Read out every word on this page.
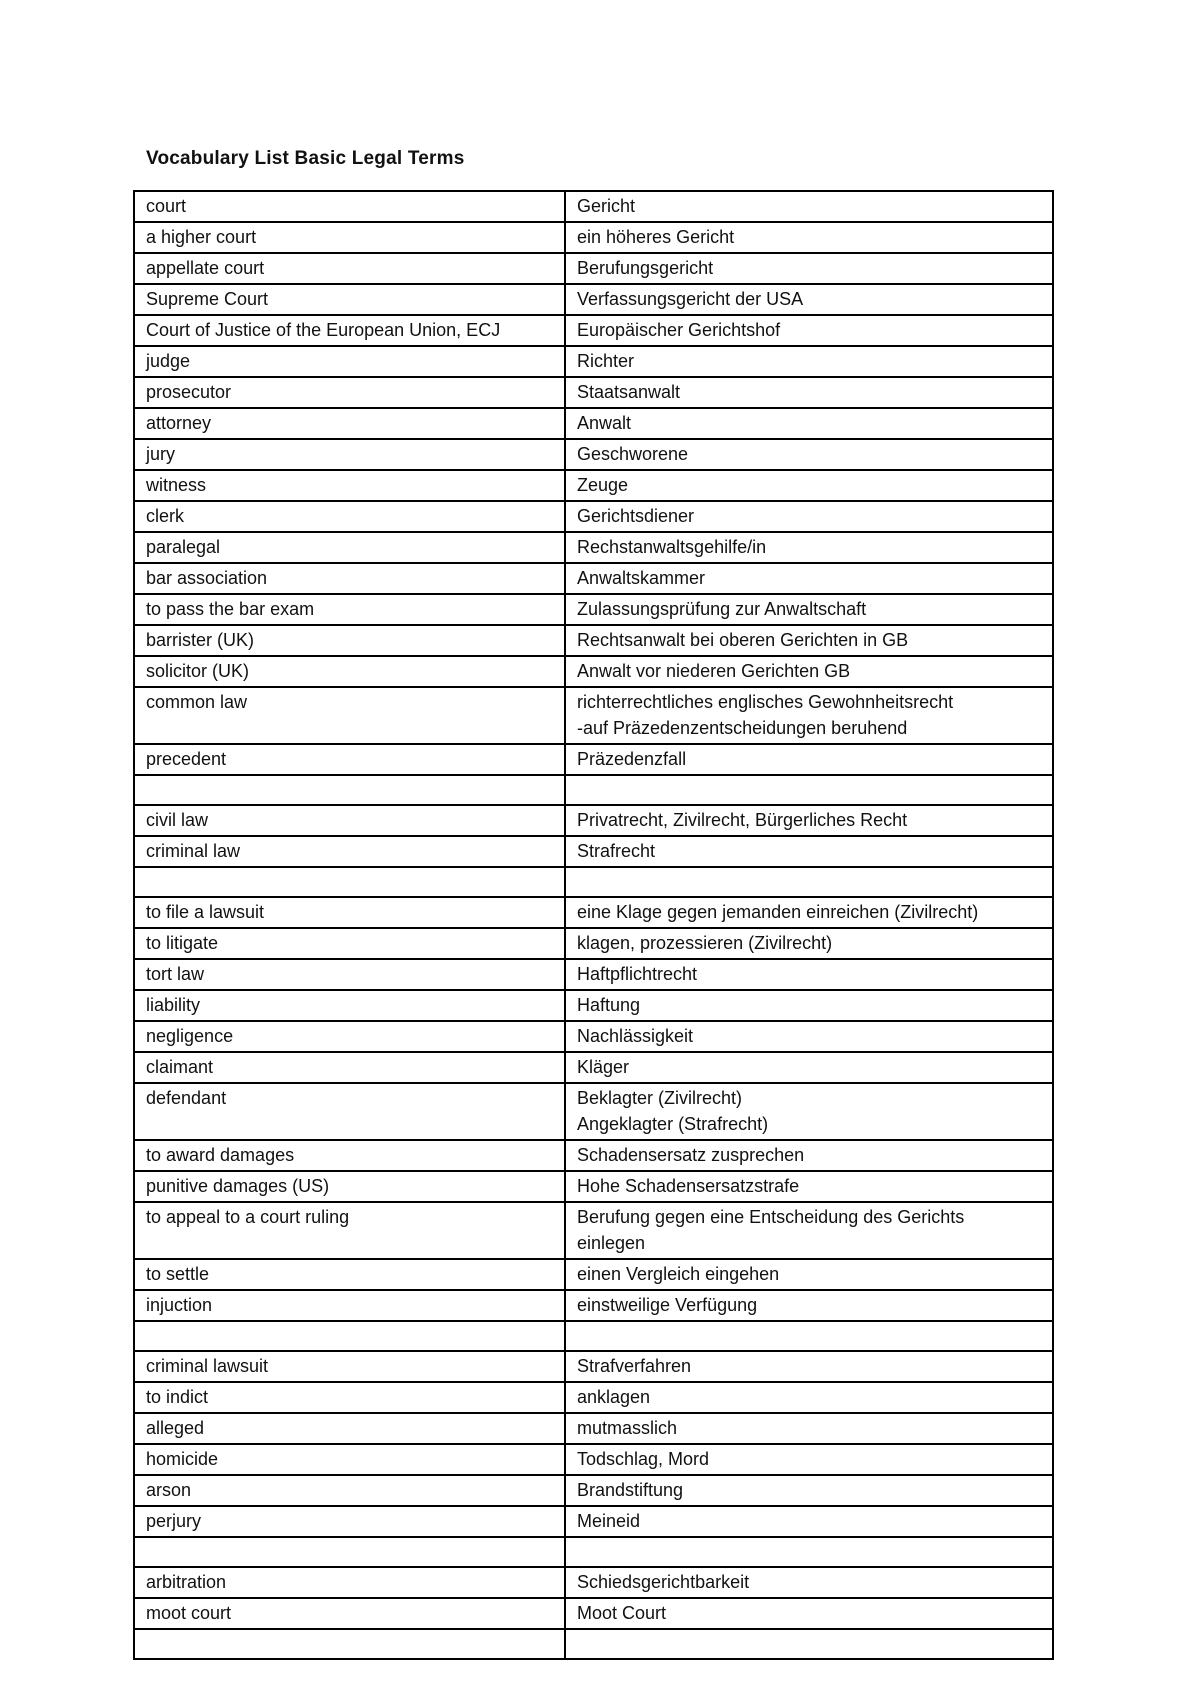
Vocabulary List Basic Legal Terms
court	Gericht
a higher court	ein höheres Gericht
appellate court	Berufungsgericht
Supreme Court	Verfassungsgericht der USA
Court of Justice of the European Union, ECJ	Europäischer Gerichtshof
judge	Richter
prosecutor	Staatsanwalt
attorney	Anwalt
jury	Geschworene
witness	Zeuge
clerk	Gerichtsdiener
paralegal	Rechstanwaltsgehilfe/in
bar association	Anwaltskammer
to pass the bar exam	Zulassungsprüfung zur Anwaltschaft
barrister (UK)	Rechtsanwalt bei oberen Gerichten in GB
solicitor (UK)	Anwalt vor niederen Gerichten GB
common law	richterrechtliches englisches Gewohnheitsrecht
-auf Präzedenzentscheidungen beruhend
precedent	Präzedenzfall

civil law	Privatrecht, Zivilrecht, Bürgerliches Recht
criminal law	Strafrecht

to file a lawsuit	eine Klage gegen jemanden einreichen (Zivilrecht)
to litigate	klagen, prozessieren (Zivilrecht)
tort law	Haftpflichtrecht
liability	Haftung
negligence	Nachlässigkeit
claimant	Kläger
defendant	Beklagter (Zivilrecht)
Angeklagter (Strafrecht)
to award damages	Schadensersatz zusprechen
punitive damages (US)	Hohe Schadensersatzstrafe
to appeal to a court ruling	Berufung gegen eine Entscheidung des Gerichts
einlegen
to settle	einen Vergleich eingehen
injuction	einstweilige Verfügung

criminal lawsuit	Strafverfahren
to indict	anklagen
alleged	mutmasslich
homicide	Todschlag, Mord
arson	Brandstiftung
perjury	Meineid

arbitration	Schiedsgerichtbarkeit
moot court	Moot Court
